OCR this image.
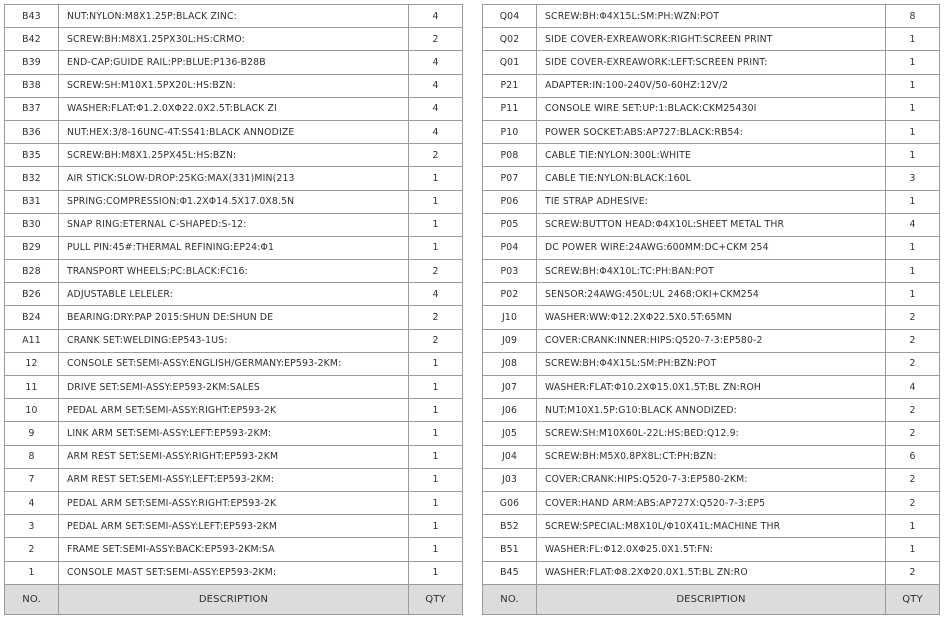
B43	NUT:NYLON:M8X1.25P:BLACK ZINC:	4
B42	SCREW:BH:M8X1.25PX30L:HS:CRMO:	2
B39	END-CAP:GUIDE RAIL:PP:BLUE:P136-B28B	4
B38	SCREW:SH:M10X1.5PX20L:HS:BZN:	4
B37	WASHER:FLAT:Φ1.2.0XΦ22.0X2.5T:BLACK ZI	4
B36	NUT:HEX:3/8-16UNC-4T:SS41:BLACK ANNODIZE	4
B35	SCREW:BH:M8X1.25PX45L:HS:BZN:	2
B32	AIR STICK:SLOW-DROP:25KG:MAX(331)MIN(213	1
B31	SPRING:COMPRESSION:Φ1.2XΦ14.5X17.0X8.5N	1
B30	SNAP RING:ETERNAL C-SHAPED:S-12:	1
B29	PULL PIN:45#:THERMAL REFINING:EP24:Φ1	1
B28	TRANSPORT WHEELS:PC:BLACK:FC16:	2
B26	ADJUSTABLE LELELER:	4
B24	BEARING:DRY:PAP 2015:SHUN DE:SHUN DE	2
A11	CRANK SET:WELDING:EP543-1US:	2
12	CONSOLE SET:SEMI-ASSY:ENGLISH/GERMANY:EP593-2KM:	1
11	DRIVE SET:SEMI-ASSY:EP593-2KM:SALES	1
10	PEDAL ARM SET:SEMI-ASSY:RIGHT:EP593-2K	1
9	LINK ARM SET:SEMI-ASSY:LEFT:EP593-2KM:	1
8	ARM REST SET:SEMI-ASSY:RIGHT:EP593-2KM	1
7	ARM REST SET:SEMI-ASSY:LEFT:EP593-2KM:	1
4	PEDAL ARM SET:SEMI-ASSY:RIGHT:EP593-2K	1
3	PEDAL ARM SET:SEMI-ASSY:LEFT:EP593-2KM	1
2	FRAME SET:SEMI-ASSY:BACK:EP593-2KM:SA	1
1	CONSOLE MAST SET:SEMI-ASSY:EP593-2KM:	1
NO.	DESCRIPTION	QTY
Q04	SCREW:BH:Φ4X15L:SM:PH:WZN:POT	8
Q02	SIDE COVER-EXREAWORK:RIGHT:SCREEN PRINT	1
Q01	SIDE COVER-EXREAWORK:LEFT:SCREEN PRINT:	1
P21	ADAPTER:IN:100-240V/50-60HZ:12V/2	1
P11	CONSOLE WIRE SET:UP:1:BLACK:CKM25430I	1
P10	POWER SOCKET:ABS:AP727:BLACK:RB54:	1
P08	CABLE TIE:NYLON:300L:WHITE	1
P07	CABLE TIE:NYLON:BLACK:160L	3
P06	TIE STRAP ADHESIVE:	1
P05	SCREW:BUTTON HEAD:Φ4X10L:SHEET METAL THR	4
P04	DC POWER WIRE:24AWG:600MM:DC+CKM 254	1
P03	SCREW:BH:Φ4X10L:TC:PH:BAN:POT	1
P02	SENSOR:24AWG:450L:UL 2468:OKI+CKM254	1
J10	WASHER:WW:Φ12.2XΦ22.5X0.5T:65MN	2
J09	COVER:CRANK:INNER:HIPS:Q520-7-3:EP580-2	2
J08	SCREW:BH:Φ4X15L:SM:PH:BZN:POT	2
J07	WASHER:FLAT:Φ10.2XΦ15.0X1.5T:BL ZN:ROH	4
J06	NUT:M10X1.5P:G10:BLACK ANNODIZED:	2
J05	SCREW:SH:M10X60L-22L:HS:BED:Q12.9:	2
J04	SCREW:BH:M5X0.8PX8L:CT:PH:BZN:	6
J03	COVER:CRANK:HIPS:Q520-7-3:EP580-2KM:	2
G06	COVER:HAND ARM:ABS:AP727X:Q520-7-3:EP5	2
B52	SCREW:SPECIAL:M8X10L/Φ10X41L:MACHINE THR	1
B51	WASHER:FL:Φ12.0XΦ25.0X1.5T:FN:	1
B45	WASHER:FLAT:Φ8.2XΦ20.0X1.5T:BL ZN:RO	2
NO.	DESCRIPTION	QTY
